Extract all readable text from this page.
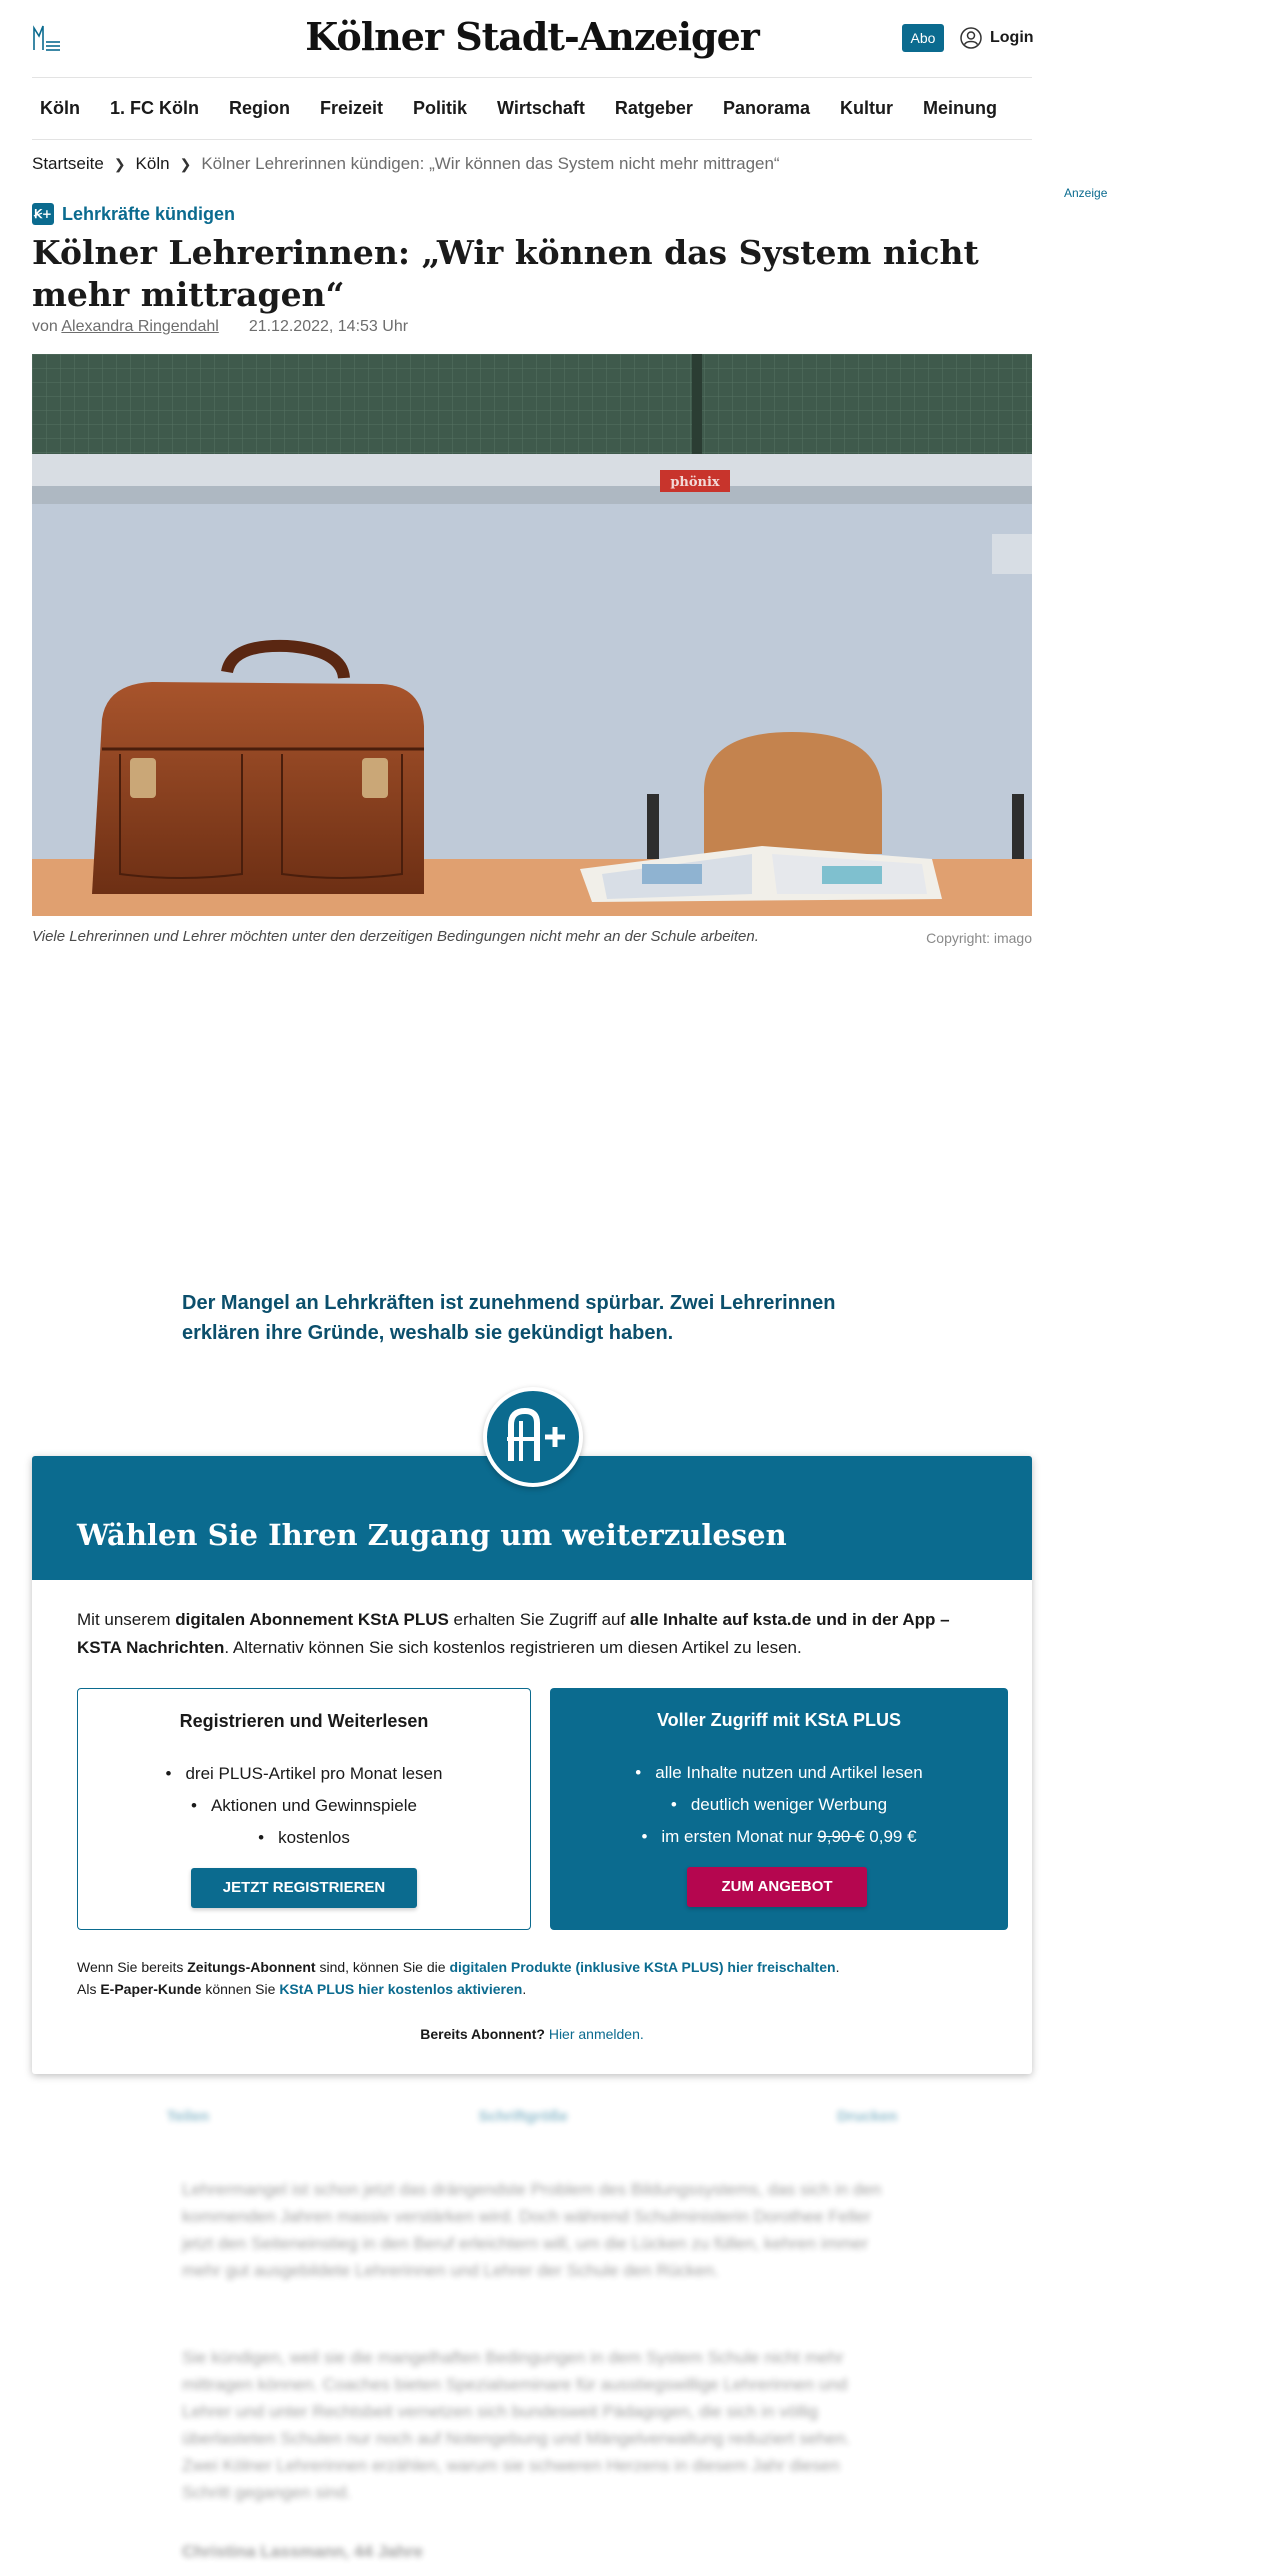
Kölner Stadt-Anzeiger	Abo	Login
Köln	1. FC Köln	Region	Freizeit	Politik	Wirtschaft	Ratgeber	Panorama	Kultur	Meinung
Startseite ❯ Köln ❯ Kölner Lehrerinnen kündigen: „Wir können das System nicht mehr mittragen“
Anzeige
Ꞣ+ Lehrkräfte kündigen
Kölner Lehrerinnen: „Wir können das System nicht mehr mittragen“
von Alexandra Ringendahl 21.12.2022, 14:53 Uhr
phönix
Viele Lehrerinnen und Lehrer möchten unter den derzeitigen Bedingungen nicht mehr an der Schule arbeiten.	Copyright: imago

Der Mangel an Lehrkräften ist zunehmend spürbar. Zwei Lehrerinnen erklären ihre Gründe, weshalb sie gekündigt haben.

Wählen Sie Ihren Zugang um weiterzulesen

Mit unserem digitalen Abonnement KStA PLUS erhalten Sie Zugriff auf alle Inhalte auf ksta.de und in der App – KSTA Nachrichten. Alternativ können Sie sich kostenlos registrieren um diesen Artikel zu lesen.

Registrieren und Weiterlesen
• drei PLUS-Artikel pro Monat lesen
• Aktionen und Gewinnspiele
• kostenlos
JETZT REGISTRIEREN
Voller Zugriff mit KStA PLUS
• alle Inhalte nutzen und Artikel lesen
• deutlich weniger Werbung
• im ersten Monat nur 9,90 € 0,99 €
ZUM ANGEBOT
Wenn Sie bereits Zeitungs-Abonnent sind, können Sie die digitalen Produkte (inklusive KStA PLUS) hier freischalten.
Als E-Paper-Kunde können Sie KStA PLUS hier kostenlos aktivieren.
Bereits Abonnent? Hier anmelden.
Teilen	Schriftgröße	Drucken

Lehrermangel ist schon jetzt das drängendste Problem des Bildungssystems, das sich in den kommenden Jahren massiv verstärken wird. Doch während Schulministerin Dorothee Feller jetzt den Seiteneinstieg in den Beruf erleichtern will, um die Lücken zu füllen, kehren immer mehr gut ausgebildete Lehrerinnen und Lehrer der Schule den Rücken.

Sie kündigen, weil sie die mangelhaften Bedingungen in dem System Schule nicht mehr mittragen können. Coaches bieten Spezialseminare für ausstiegswillige Lehrerinnen und Lehrer und unter Rechtsbeit vernetzen sich bundesweit Pädagogen, die sich in völlig überlasteten Schulen nur noch auf Notengebung und Mängelverwaltung reduziert sehen. Zwei Kölner Lehrerinnen erzählen, warum sie schweren Herzens in diesem Jahr diesen Schritt gegangen sind.

Christina Lassmann, 44 Jahre
